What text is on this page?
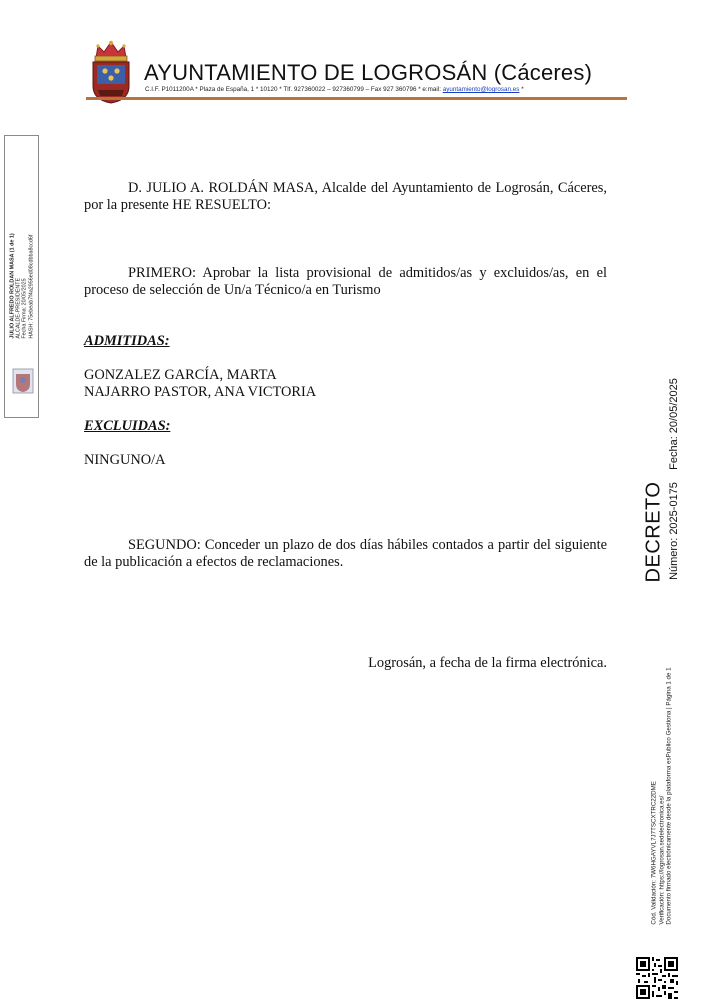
AYUNTAMIENTO DE LOGROSÁN (Cáceres)
C.I.F. P1011200A * Plaza de España, 1 * 10120 * Tlf. 927360022 – 927360799 – Fax 927 360796 * e:mail: ayuntamiento@logrosan.es *

D. JULIO A. ROLDÁN MASA, Alcalde del Ayuntamiento de Logrosán, Cáceres, por la presente HE RESUELTO:

PRIMERO: Aprobar la lista provisional de admitidos/as y excluidos/as, en el proceso de selección de Un/a Técnico/a en Turismo

ADMITIDAS:
GONZALEZ GARCÍA, MARTA
NAJARRO PASTOR, ANA VICTORIA
EXCLUIDAS:
NINGUNO/A

SEGUNDO: Conceder un plazo de dos días hábiles contados a partir del siguiente de la publicación a efectos de reclamaciones.

Logrosán, a fecha de la firma electrónica.
JULIO ALFREDO ROLDAN MASA (1 de 1) ALCALDE-PRESIDENTE Fecha Firma: 20/05/2025 HASH: 75ebeab7f4a2956ed08cdbba8ccd6f
DECRETO Número: 2025-0175
Fecha: 20/05/2025
Cód. Validación: 7W6HGAYVL7J7TSCXTRC22DME Verificación: https://logrosan.sedelectronica.es/ Documento firmado electrónicamente desde la plataforma esPublico Gestiona | Página 1 de 1
